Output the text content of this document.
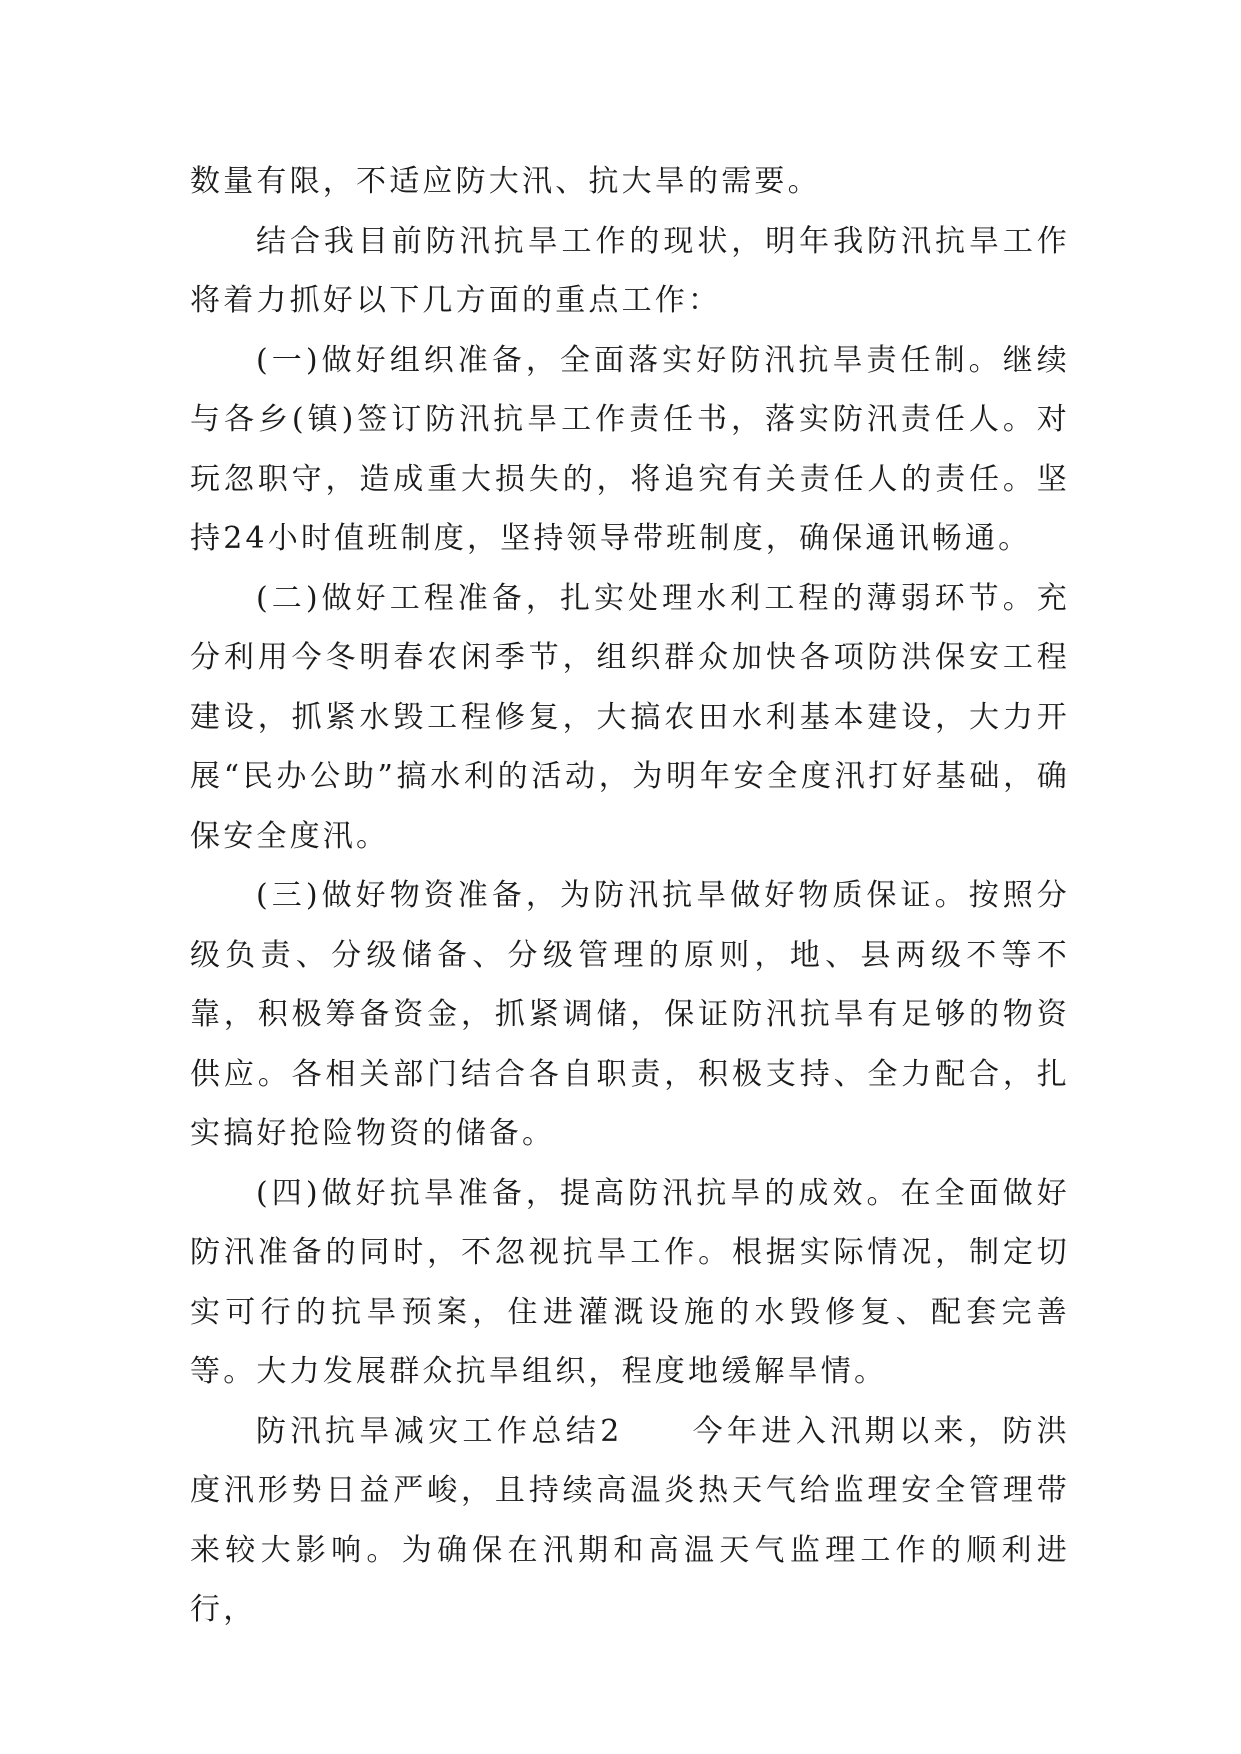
数量有限，不适应防大汛、抗大旱的需要。

结合我目前防汛抗旱工作的现状，明年我防汛抗旱工作将着力抓好以下几方面的重点工作：

(一)做好组织准备，全面落实好防汛抗旱责任制。继续与各乡(镇)签订防汛抗旱工作责任书，落实防汛责任人。对玩忽职守，造成重大损失的，将追究有关责任人的责任。坚持24小时值班制度，坚持领导带班制度，确保通讯畅通。

(二)做好工程准备，扎实处理水利工程的薄弱环节。充分利用今冬明春农闲季节，组织群众加快各项防洪保安工程建设，抓紧水毁工程修复，大搞农田水利基本建设，大力开展“民办公助”搞水利的活动，为明年安全度汛打好基础，确保安全度汛。

(三)做好物资准备，为防汛抗旱做好物质保证。按照分级负责、分级储备、分级管理的原则，地、县两级不等不靠，积极筹备资金，抓紧调储，保证防汛抗旱有足够的物资供应。各相关部门结合各自职责，积极支持、全力配合，扎实搞好抢险物资的储备。

(四)做好抗旱准备，提高防汛抗旱的成效。在全面做好防汛准备的同时，不忽视抗旱工作。根据实际情况，制定切实可行的抗旱预案，住进灌溉设施的水毁修复、配套完善等。大力发展群众抗旱组织，程度地缓解旱情。

防汛抗旱减灾工作总结2　　今年进入汛期以来，防洪度汛形势日益严峻，且持续高温炎热天气给监理安全管理带来较大影响。为确保在汛期和高温天气监理工作的顺利进行，
